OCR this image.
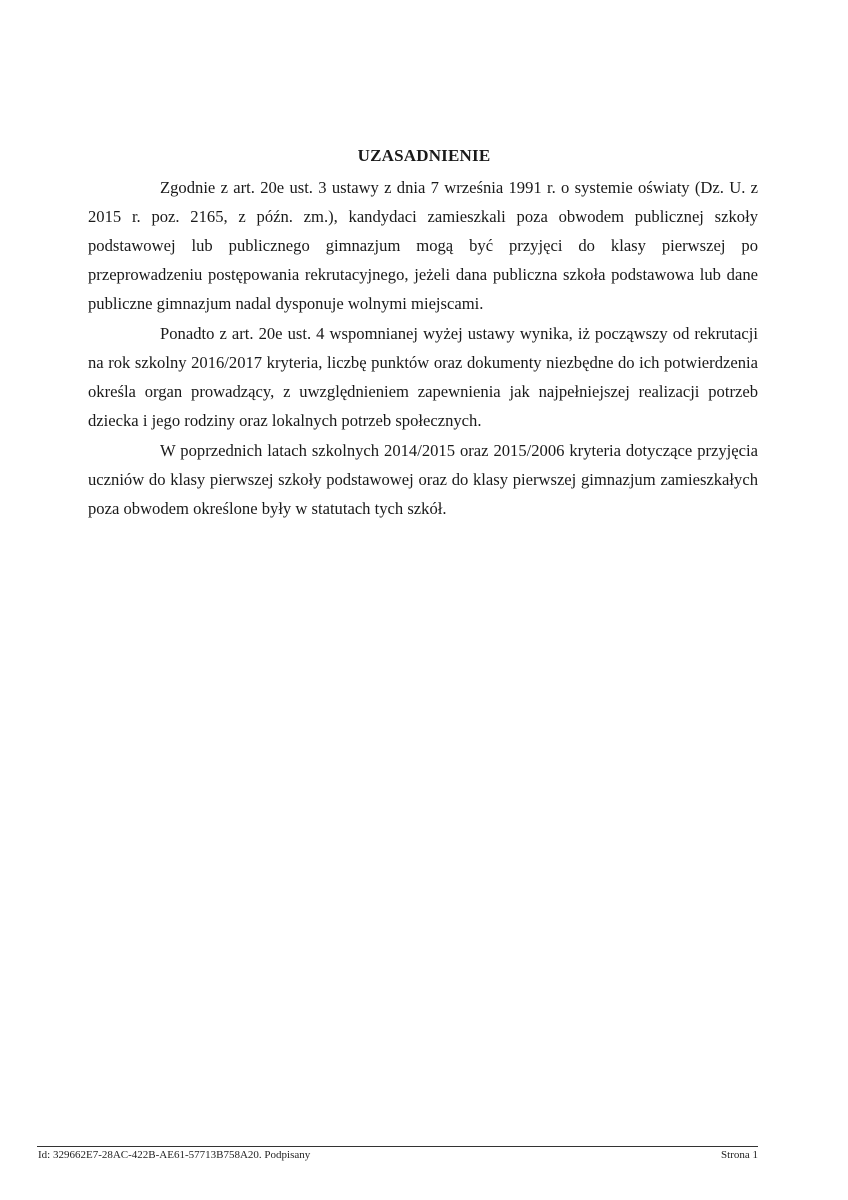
UZASADNIENIE

Zgodnie z art. 20e ust. 3 ustawy z dnia 7 września 1991 r. o systemie oświaty (Dz. U. z 2015 r. poz. 2165, z późn. zm.), kandydaci zamieszkali poza obwodem publicznej szkoły podstawowej lub publicznego gimnazjum mogą być przyjęci do klasy pierwszej po przeprowadzeniu postępowania rekrutacyjnego, jeżeli dana publiczna szkoła podstawowa lub dane publiczne gimnazjum nadal dysponuje wolnymi miejscami.

Ponadto z art. 20e ust. 4 wspomnianej wyżej ustawy wynika, iż począwszy od rekrutacji na rok szkolny 2016/2017 kryteria, liczbę punktów oraz dokumenty niezbędne do ich potwierdzenia określa organ prowadzący, z uwzględnieniem zapewnienia jak najpełniejszej realizacji potrzeb dziecka i jego rodziny oraz lokalnych potrzeb społecznych.

W poprzednich latach szkolnych 2014/2015 oraz 2015/2006 kryteria dotyczące przyjęcia uczniów do klasy pierwszej szkoły podstawowej oraz do klasy pierwszej gimnazjum zamieszkałych poza obwodem określone były w statutach tych szkół.

Id: 329662E7-28AC-422B-AE61-57713B758A20. Podpisany	Strona 1
